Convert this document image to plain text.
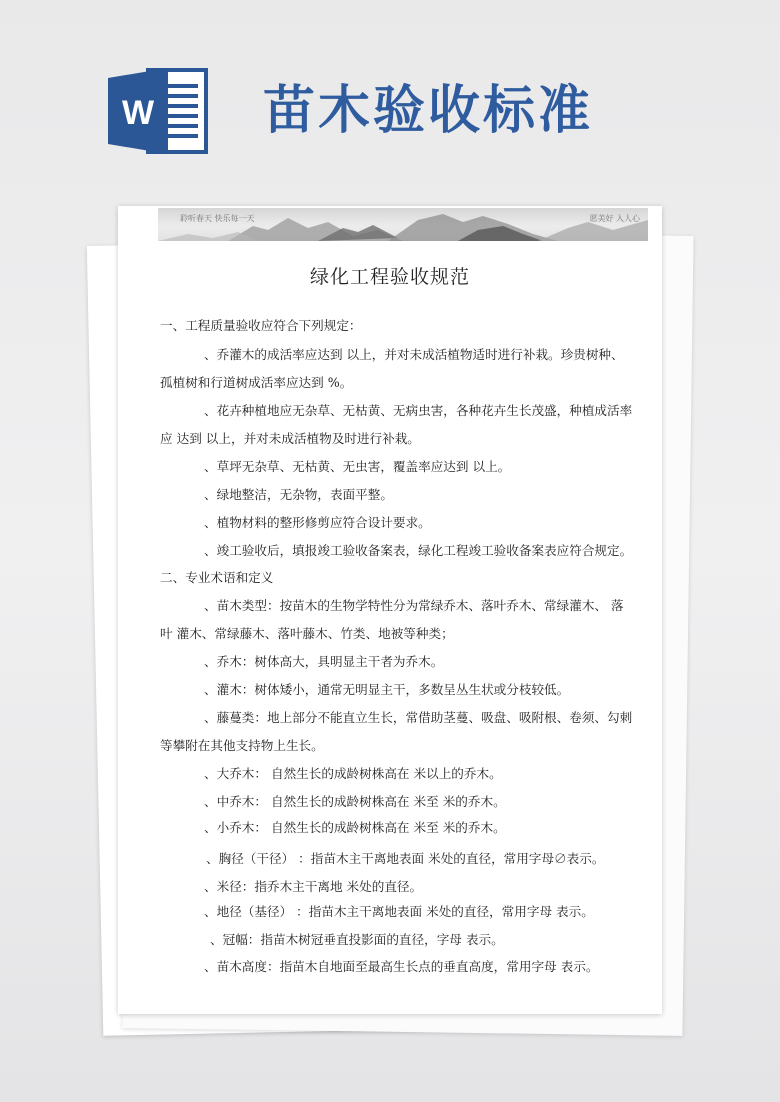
W 苗木验收标准
聆听春天 快乐每一天	愿美好 入人心
绿化工程验收规范
一、工程质量验收应符合下列规定：
、乔灌木的成活率应达到 以上，并对未成活植物适时进行补栽。珍贵树种、
孤植树和行道树成活率应达到 %。
、花卉种植地应无杂草、无枯黄、无病虫害，各种花卉生长茂盛，种植成活率
应 达到 以上，并对未成活植物及时进行补栽。
、草坪无杂草、无枯黄、无虫害，覆盖率应达到 以上。
、绿地整洁，无杂物，表面平整。
、植物材料的整形修剪应符合设计要求。
、竣工验收后，填报竣工验收备案表，绿化工程竣工验收备案表应符合规定。
二、专业术语和定义
、苗木类型：按苗木的生物学特性分为常绿乔木、落叶乔木、常绿灌木、 落
叶 灌木、常绿藤木、落叶藤木、竹类、地被等种类；
、乔木：树体高大，具明显主干者为乔木。
、灌木：树体矮小，通常无明显主干，多数呈丛生状或分枝较低。
、藤蔓类：地上部分不能直立生长，常借助茎蔓、吸盘、吸附根、卷须、勾刺
等攀附在其他支持物上生长。
、大乔木： 自然生长的成龄树株高在 米以上的乔木。
、中乔木： 自然生长的成龄树株高在 米至 米的乔木。
、小乔木： 自然生长的成龄树株高在 米至 米的乔木。
、胸径（干径） ：指苗木主干离地表面 米处的直径，常用字母∅表示。
、米径：指乔木主干离地 米处的直径。
、地径（基径） ：指苗木主干离地表面 米处的直径，常用字母 表示。
、冠幅：指苗木树冠垂直投影面的直径，字母 表示。
、苗木高度：指苗木自地面至最高生长点的垂直高度，常用字母 表示。
